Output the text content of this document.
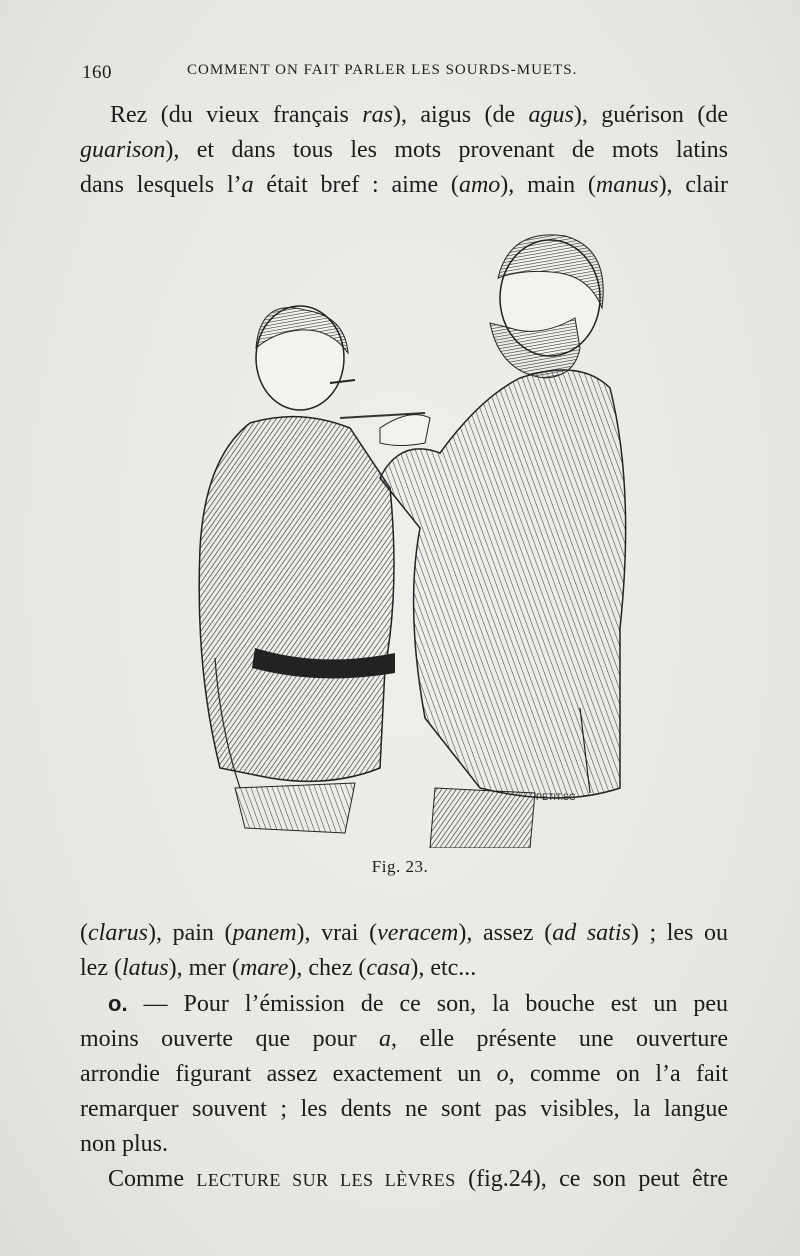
160	COMMENT ON FAIT PARLER LES SOURDS-MUETS.
Rez (du vieux français ras), aigus (de agus), guérison (de
guarison), et dans tous les mots provenant de mots latins
dans lesquels l’a était bref : aime (amo), main (manus), clair
PETIT.SC
Fig. 23.
(clarus), pain (panem), vrai (veracem), assez (ad satis) ; les ou
lez (latus), mer (mare), chez (casa), etc...
o. — Pour l’émission de ce son, la bouche est un peu
moins ouverte que pour a, elle présente une ouverture
arrondie figurant assez exactement un o, comme on l’a fait
remarquer souvent ; les dents ne sont pas visibles, la langue
non plus.
Comme LECTURE SUR LES LÈVRES (fig.24), ce son peut être
